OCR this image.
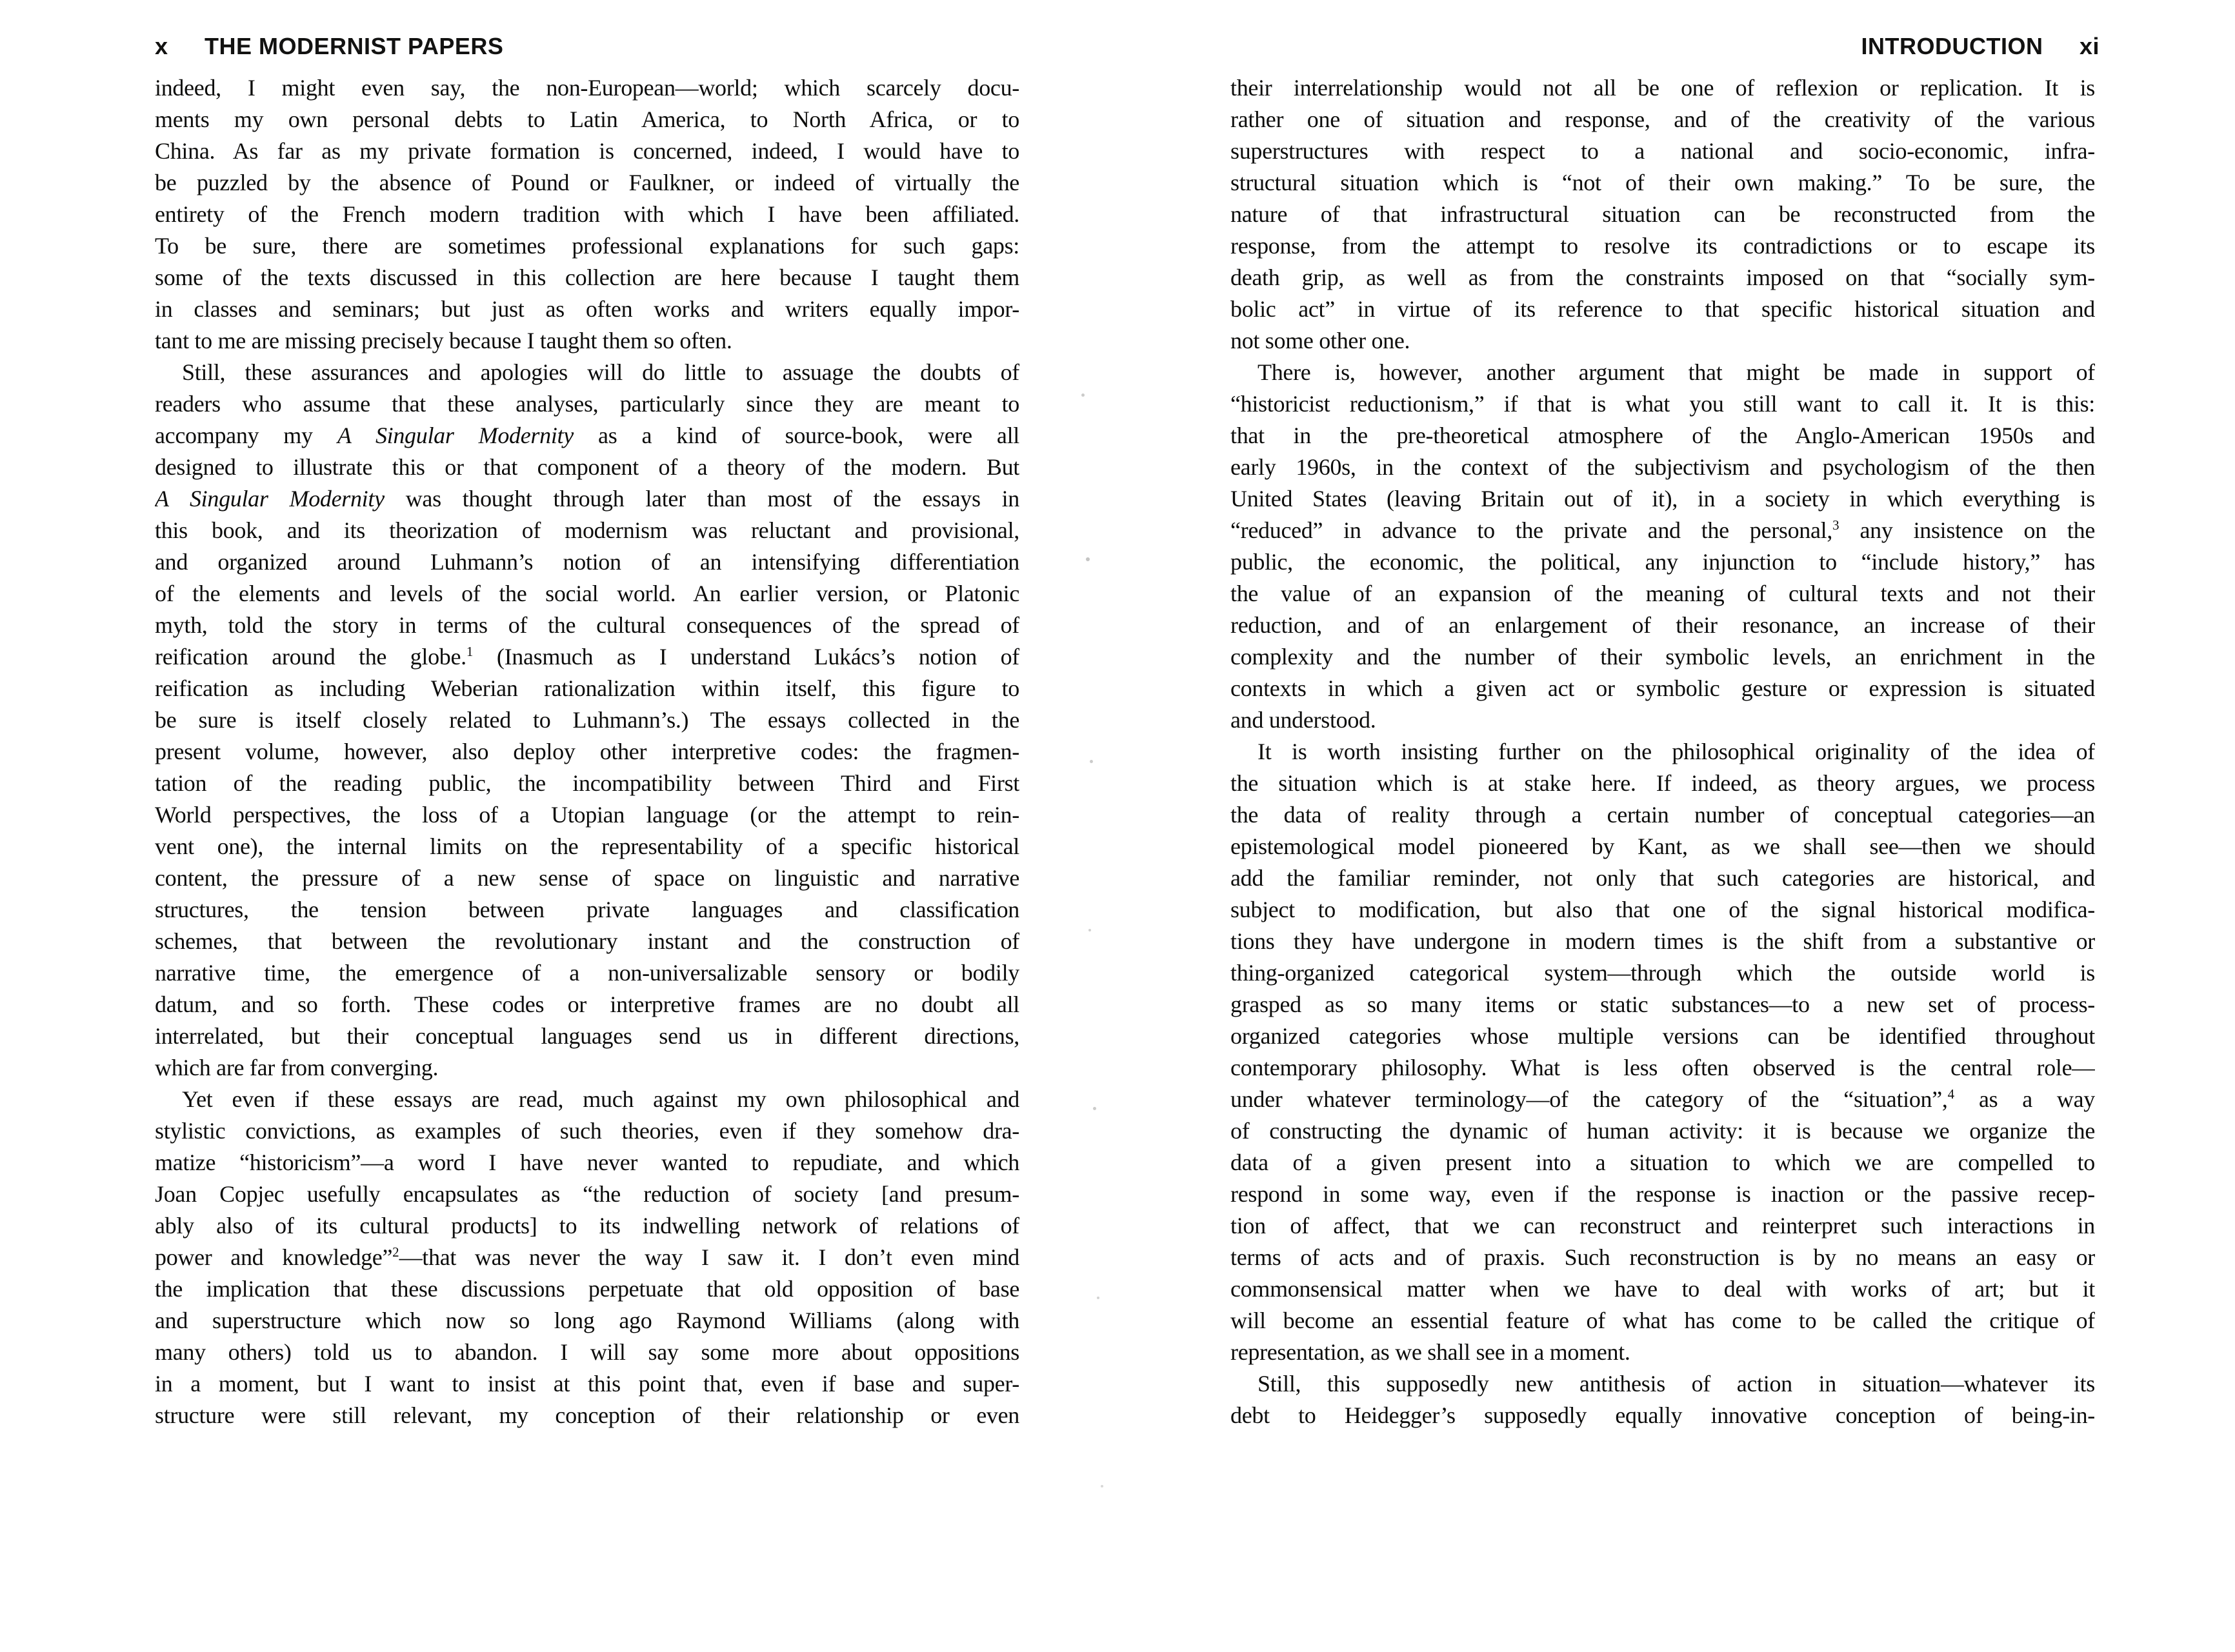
x THE MODERNIST PAPERS
indeed, I might even say, the non-European—world; which scarcely docu-
ments my own personal debts to Latin America, to North Africa, or to
China. As far as my private formation is concerned, indeed, I would have to
be puzzled by the absence of Pound or Faulkner, or indeed of virtually the
entirety of the French modern tradition with which I have been affiliated.
To be sure, there are sometimes professional explanations for such gaps:
some of the texts discussed in this collection are here because I taught them
in classes and seminars; but just as often works and writers equally impor-
tant to me are missing precisely because I taught them so often.
Still, these assurances and apologies will do little to assuage the doubts of
readers who assume that these analyses, particularly since they are meant to
accompany my A Singular Modernity as a kind of source-book, were all
designed to illustrate this or that component of a theory of the modern. But
A Singular Modernity was thought through later than most of the essays in
this book, and its theorization of modernism was reluctant and provisional,
and organized around Luhmann’s notion of an intensifying differentiation
of the elements and levels of the social world. An earlier version, or Platonic
myth, told the story in terms of the cultural consequences of the spread of
reification around the globe.$^1$ (Inasmuch as I understand Lukács’s notion of
reification as including Weberian rationalization within itself, this figure to
be sure is itself closely related to Luhmann’s.) The essays collected in the
present volume, however, also deploy other interpretive codes: the fragmen-
tation of the reading public, the incompatibility between Third and First
World perspectives, the loss of a Utopian language (or the attempt to rein-
vent one), the internal limits on the representability of a specific historical
content, the pressure of a new sense of space on linguistic and narrative
structures, the tension between private languages and classification
schemes, that between the revolutionary instant and the construction of
narrative time, the emergence of a non-universalizable sensory or bodily
datum, and so forth. These codes or interpretive frames are no doubt all
interrelated, but their conceptual languages send us in different directions,
which are far from converging.
Yet even if these essays are read, much against my own philosophical and
stylistic convictions, as examples of such theories, even if they somehow dra-
matize “historicism”—a word I have never wanted to repudiate, and which
Joan Copjec usefully encapsulates as “the reduction of society [and presum-
ably also of its cultural products] to its indwelling network of relations of
power and knowledge”$^2$—that was never the way I saw it. I don’t even mind
the implication that these discussions perpetuate that old opposition of base
and superstructure which now so long ago Raymond Williams (along with
many others) told us to abandon. I will say some more about oppositions
in a moment, but I want to insist at this point that, even if base and super-
structure were still relevant, my conception of their relationship or even
INTRODUCTION xi
their interrelationship would not all be one of reflexion or replication. It is
rather one of situation and response, and of the creativity of the various
superstructures with respect to a national and socio-economic, infra-
structural situation which is “not of their own making.” To be sure, the
nature of that infrastructural situation can be reconstructed from the
response, from the attempt to resolve its contradictions or to escape its
death grip, as well as from the constraints imposed on that “socially sym-
bolic act” in virtue of its reference to that specific historical situation and
not some other one.
There is, however, another argument that might be made in support of
“historicist reductionism,” if that is what you still want to call it. It is this:
that in the pre-theoretical atmosphere of the Anglo-American 1950s and
early 1960s, in the context of the subjectivism and psychologism of the then
United States (leaving Britain out of it), in a society in which everything is
“reduced” in advance to the private and the personal,$^3$ any insistence on the
public, the economic, the political, any injunction to “include history,” has
the value of an expansion of the meaning of cultural texts and not their
reduction, and of an enlargement of their resonance, an increase of their
complexity and the number of their symbolic levels, an enrichment in the
contexts in which a given act or symbolic gesture or expression is situated
and understood.
It is worth insisting further on the philosophical originality of the idea of
the situation which is at stake here. If indeed, as theory argues, we process
the data of reality through a certain number of conceptual categories—an
epistemological model pioneered by Kant, as we shall see—then we should
add the familiar reminder, not only that such categories are historical, and
subject to modification, but also that one of the signal historical modifica-
tions they have undergone in modern times is the shift from a substantive or
thing-organized categorical system—through which the outside world is
grasped as so many items or static substances—to a new set of process-
organized categories whose multiple versions can be identified throughout
contemporary philosophy. What is less often observed is the central role—
under whatever terminology—of the category of the “situation”,$^4$ as a way
of constructing the dynamic of human activity: it is because we organize the
data of a given present into a situation to which we are compelled to
respond in some way, even if the response is inaction or the passive recep-
tion of affect, that we can reconstruct and reinterpret such interactions in
terms of acts and of praxis. Such reconstruction is by no means an easy or
commonsensical matter when we have to deal with works of art; but it
will become an essential feature of what has come to be called the critique of
representation, as we shall see in a moment.
Still, this supposedly new antithesis of action in situation—whatever its
debt to Heidegger’s supposedly equally innovative conception of being-in-
